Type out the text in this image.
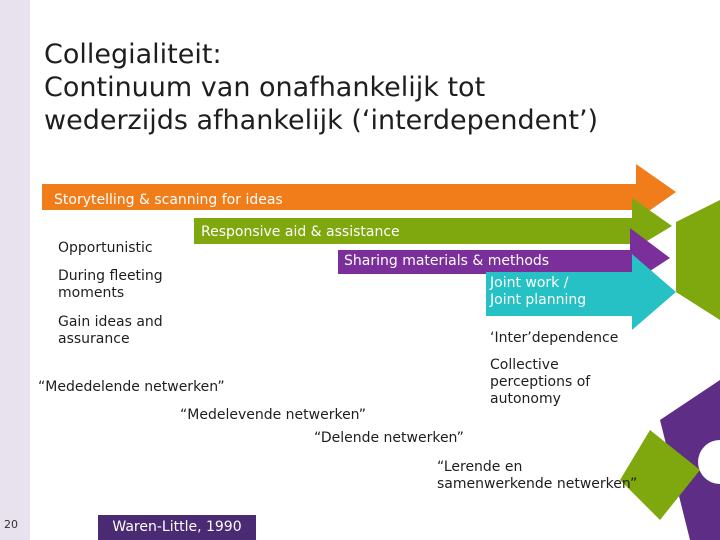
Collegialiteit:
Continuum van onafhankelijk tot
wederzijds afhankelijk (‘interdependent’)
Storytelling & scanning for ideas
Responsive aid & assistance
Sharing materials & methods
Joint work /
Joint planning
Opportunistic
During fleeting
moments
Gain ideas and
assurance	‘Inter’dependence
Collective
perceptions of
autonomy
“Mededelende netwerken”
“Medelevende netwerken”
“Delende netwerken”
“Lerende en
samenwerkende netwerken”
20	Waren-Little, 1990
